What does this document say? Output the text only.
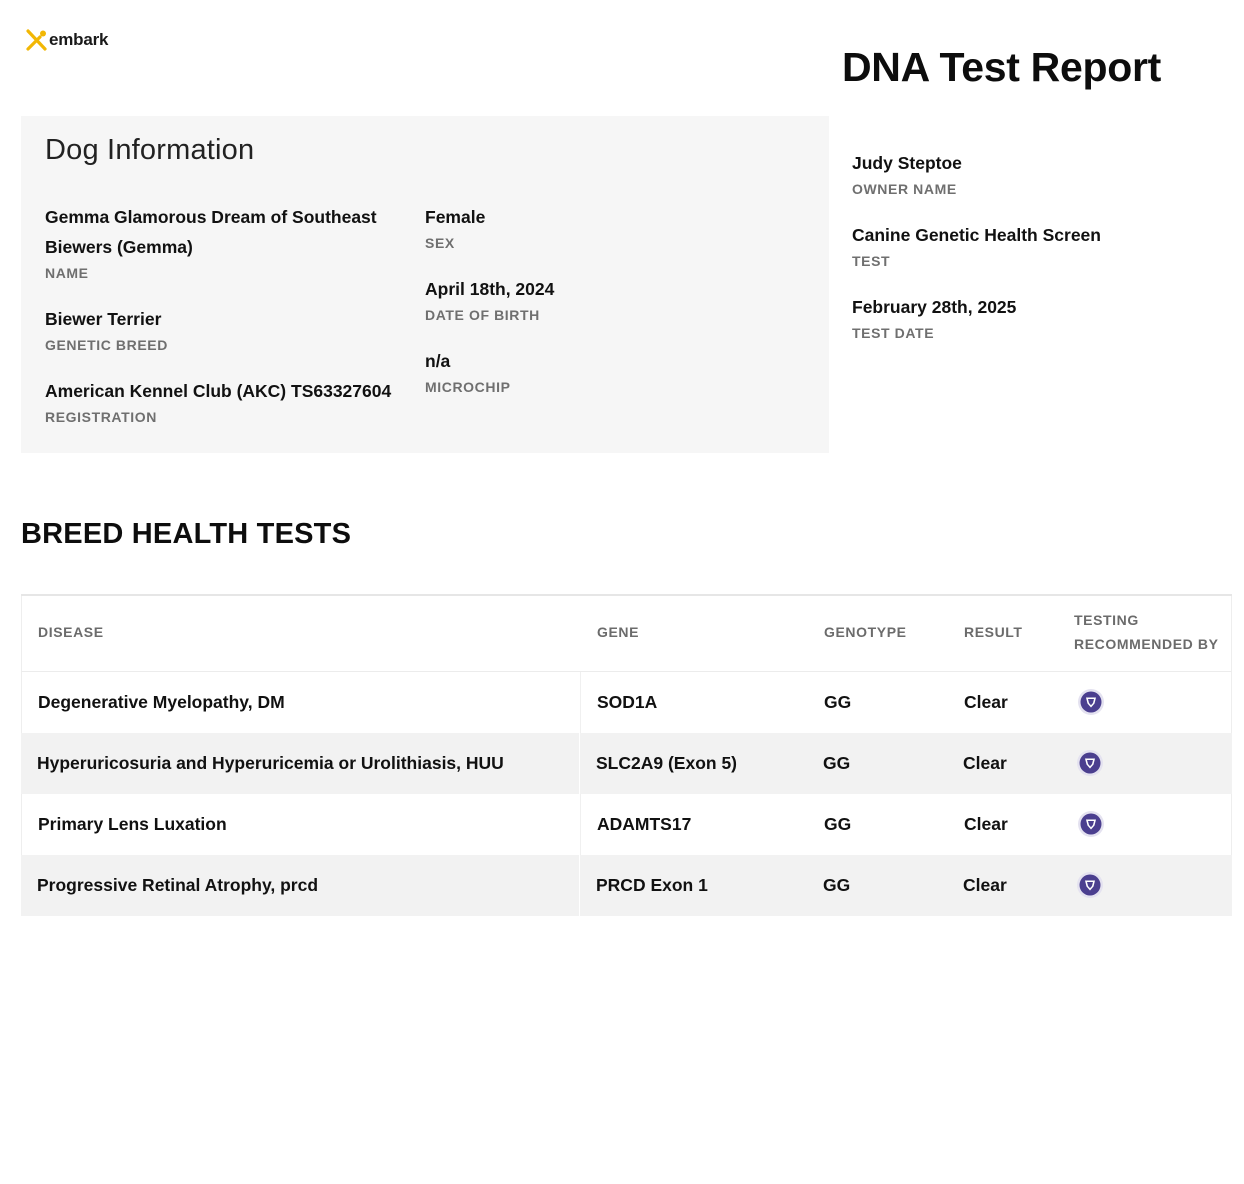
embark
DNA Test Report
Dog Information
Gemma Glamorous Dream of Southeast
Biewers (Gemma)
NAME
Biewer Terrier
GENETIC BREED
American Kennel Club (AKC) TS63327604
REGISTRATION
Female
SEX
April 18th, 2024
DATE OF BIRTH
n/a
MICROCHIP
Judy Steptoe
OWNER NAME
Canine Genetic Health Screen
TEST
February 28th, 2025
TEST DATE
BREED HEALTH TESTS
DISEASE	GENE	GENOTYPE	RESULT
TESTING
RECOMMENDED BY
Degenerative Myelopathy, DM	SOD1A	GG	Clear
Hyperuricosuria and Hyperuricemia or Urolithiasis, HUU	SLC2A9 (Exon 5)	GG	Clear
Primary Lens Luxation	ADAMTS17	GG	Clear
Progressive Retinal Atrophy, prcd	PRCD Exon 1	GG	Clear
